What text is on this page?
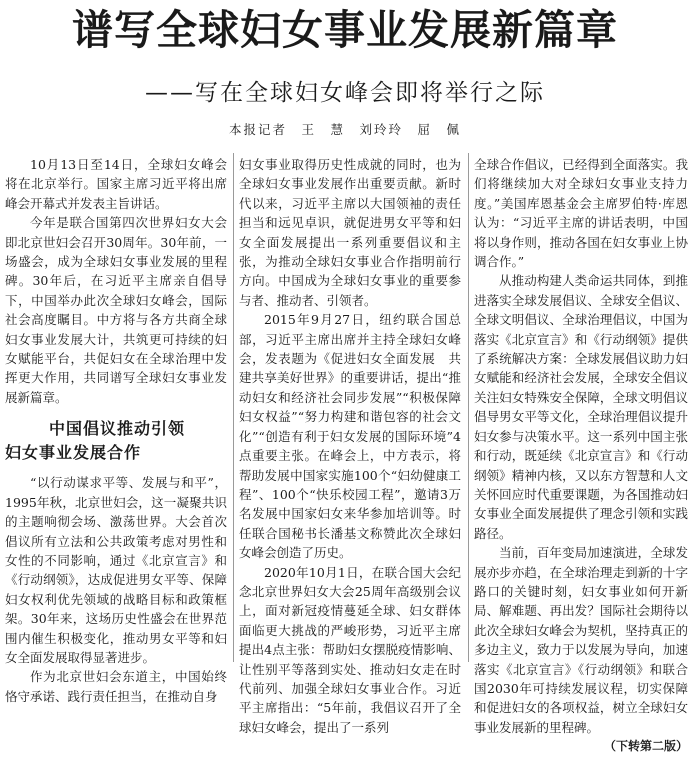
谱写全球妇女事业发展新篇章
——写在全球妇女峰会即将举行之际
本报记者　王　慧　刘玲玲　屈　佩

10月13日至14日，全球妇女峰会将在北京举行。国家主席习近平将出席峰会开幕式并发表主旨讲话。

今年是联合国第四次世界妇女大会即北京世妇会召开30周年。30年前，一场盛会，成为全球妇女事业发展的里程碑。30年后，在习近平主席亲自倡导下，中国举办此次全球妇女峰会，国际社会高度瞩目。中方将与各方共商全球妇女事业发展大计，共筑更可持续的妇女赋能平台，共促妇女在全球治理中发挥更大作用，共同谱写全球妇女事业发展新篇章。

中国倡议推动引领
妇女事业发展合作

“以行动谋求平等、发展与和平”，1995年秋，北京世妇会，这一凝聚共识的主题响彻会场、激荡世界。大会首次倡议所有立法和公共政策考虑对男性和女性的不同影响，通过《北京宣言》和《行动纲领》，达成促进男女平等、保障妇女权利优先领域的战略目标和政策框架。30年来，这场历史性盛会在世界范围内催生积极变化，推动男女平等和妇女全面发展取得显著进步。

作为北京世妇会东道主，中国始终恪守承诺、践行责任担当，在推动自身

妇女事业取得历史性成就的同时，也为全球妇女事业发展作出重要贡献。新时代以来，习近平主席以大国领袖的责任担当和远见卓识，就促进男女平等和妇女全面发展提出一系列重要倡议和主张，为推动全球妇女事业合作指明前行方向。中国成为全球妇女事业的重要参与者、推动者、引领者。

2015年9月27日，纽约联合国总部，习近平主席出席并主持全球妇女峰会，发表题为《促进妇女全面发展　共建共享美好世界》的重要讲话，提出“推动妇女和经济社会同步发展”“积极保障妇女权益”“努力构建和谐包容的社会文化”“创造有利于妇女发展的国际环境”4点重要主张。在峰会上，中方表示，将帮助发展中国家实施100个“妇幼健康工程”、100个“快乐校园工程”，邀请3万名发展中国家妇女来华参加培训等。时任联合国秘书长潘基文称赞此次全球妇女峰会创造了历史。

2020年10月1日，在联合国大会纪念北京世界妇女大会25周年高级别会议上，面对新冠疫情蔓延全球、妇女群体面临更大挑战的严峻形势，习近平主席提出4点主张：帮助妇女摆脱疫情影响、让性别平等落到实处、推动妇女走在时代前列、加强全球妇女事业合作。习近平主席指出：“5年前，我倡议召开了全球妇女峰会，提出了一系列

全球合作倡议，已经得到全面落实。我们将继续加大对全球妇女事业支持力度。”美国库恩基金会主席罗伯特·库恩认为：“习近平主席的讲话表明，中国将以身作则，推动各国在妇女事业上协调合作。”

从推动构建人类命运共同体，到推进落实全球发展倡议、全球安全倡议、全球文明倡议、全球治理倡议，中国为落实《北京宣言》和《行动纲领》提供了系统解决方案：全球发展倡议助力妇女赋能和经济社会发展，全球安全倡议关注妇女特殊安全保障，全球文明倡议倡导男女平等文化，全球治理倡议提升妇女参与决策水平。这一系列中国主张和行动，既延续《北京宣言》和《行动纲领》精神内核，又以东方智慧和人文关怀回应时代重要课题，为各国推动妇女事业全面发展提供了理念引领和实践路径。

当前，百年变局加速演进，全球发展亦步亦趋，在全球治理走到新的十字路口的关键时刻，妇女事业如何开新局、解难题、再出发？国际社会期待以此次全球妇女峰会为契机，坚持真正的多边主义，致力于以发展为导向，加速落实《北京宣言》《行动纲领》和联合国2030年可持续发展议程，切实保障和促进妇女的各项权益，树立全球妇女事业发展新的里程碑。

（下转第二版）
